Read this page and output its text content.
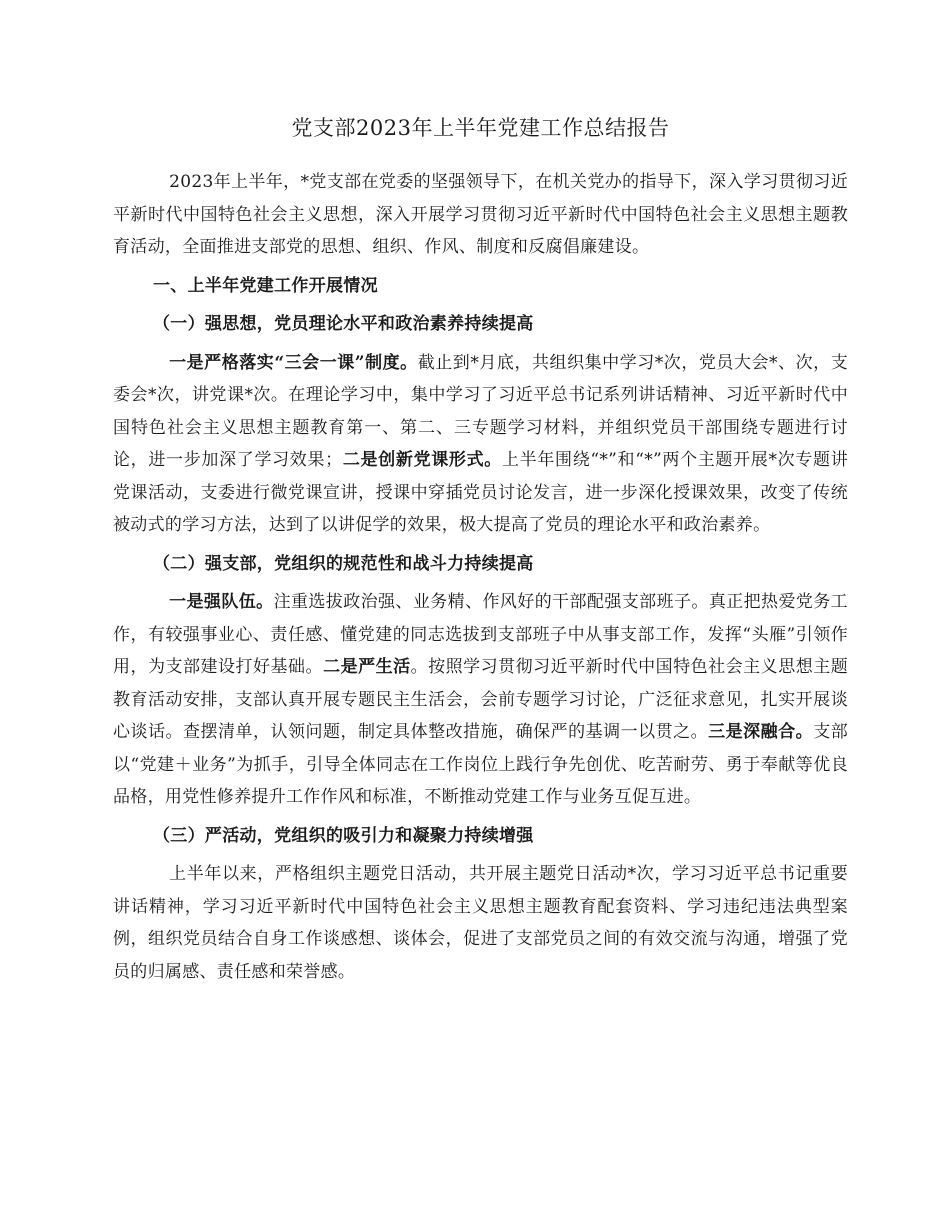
党支部2023年上半年党建工作总结报告

2023年上半年，*党支部在党委的坚强领导下，在机关党办的指导下，深入学习贯彻习近平新时代中国特色社会主义思想，深入开展学习贯彻习近平新时代中国特色社会主义思想主题教育活动，全面推进支部党的思想、组织、作风、制度和反腐倡廉建设。

一、上半年党建工作开展情况

（一）强思想，党员理论水平和政治素养持续提高

一是严格落实“三会一课”制度。截止到*月底，共组织集中学习*次，党员大会*、次，支委会*次，讲党课*次。在理论学习中，集中学习了习近平总书记系列讲话精神、习近平新时代中国特色社会主义思想主题教育第一、第二、三专题学习材料，并组织党员干部围绕专题进行讨论，进一步加深了学习效果；二是创新党课形式。上半年围绕“*”和“*”两个主题开展*次专题讲党课活动，支委进行微党课宣讲，授课中穿插党员讨论发言，进一步深化授课效果，改变了传统被动式的学习方法，达到了以讲促学的效果，极大提高了党员的理论水平和政治素养。

（二）强支部，党组织的规范性和战斗力持续提高

一是强队伍。注重选拔政治强、业务精、作风好的干部配强支部班子。真正把热爱党务工作，有较强事业心、责任感、懂党建的同志选拔到支部班子中从事支部工作，发挥“头雁”引领作用，为支部建设打好基础。二是严生活。按照学习贯彻习近平新时代中国特色社会主义思想主题教育活动安排，支部认真开展专题民主生活会，会前专题学习讨论，广泛征求意见，扎实开展谈心谈话。查摆清单，认领问题，制定具体整改措施，确保严的基调一以贯之。三是深融合。支部以“党建＋业务”为抓手，引导全体同志在工作岗位上践行争先创优、吃苦耐劳、勇于奉献等优良品格，用党性修养提升工作作风和标准，不断推动党建工作与业务互促互进。

（三）严活动，党组织的吸引力和凝聚力持续增强

上半年以来，严格组织主题党日活动，共开展主题党日活动*次，学习习近平总书记重要讲话精神，学习习近平新时代中国特色社会主义思想主题教育配套资料、学习违纪违法典型案例，组织党员结合自身工作谈感想、谈体会，促进了支部党员之间的有效交流与沟通，增强了党员的归属感、责任感和荣誉感。
